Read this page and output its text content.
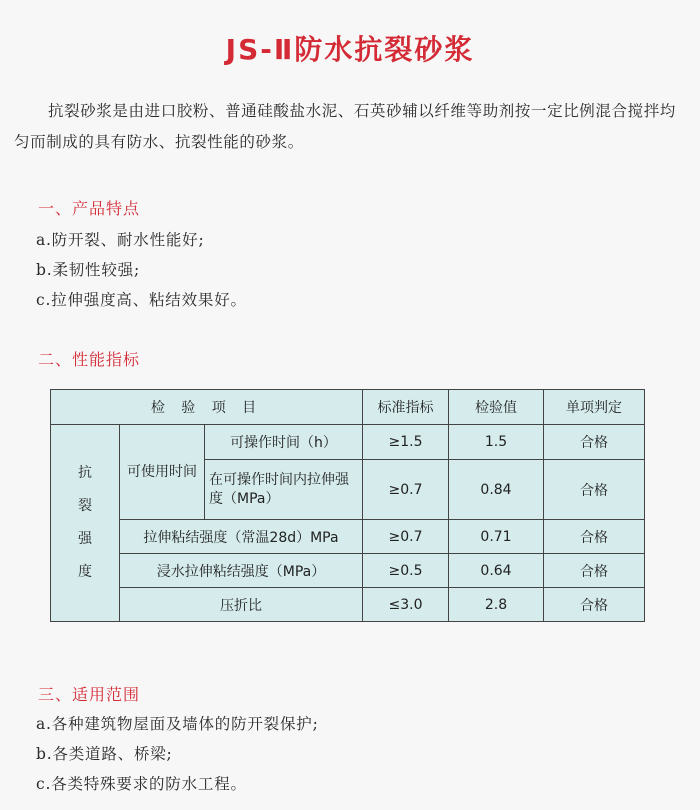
JS-Ⅱ防水抗裂砂浆
抗裂砂浆是由进口胶粉、普通硅酸盐水泥、石英砂辅以纤维等助剂按一定比例混合搅拌均匀而制成的具有防水、抗裂性能的砂浆。
一、产品特点
a.防开裂、耐水性能好;
b.柔韧性较强;
c.拉伸强度高、粘结效果好。
二、性能指标
检 验 项 目			标准指标	检验值	单项判定
抗裂强度	可使用时间	可操作时间（h）	≥1.5	1.5	合格
		在可操作时间内拉伸强度（MPa）	≥0.7	0.84	合格
	拉伸粘结强度（常温28d）MPa		≥0.7	0.71	合格
	浸水拉伸粘结强度（MPa）		≥0.5	0.64	合格
	压折比		≤3.0	2.8	合格
三、适用范围
a.各种建筑物屋面及墙体的防开裂保护;
b.各类道路、桥梁;
c.各类特殊要求的防水工程。
